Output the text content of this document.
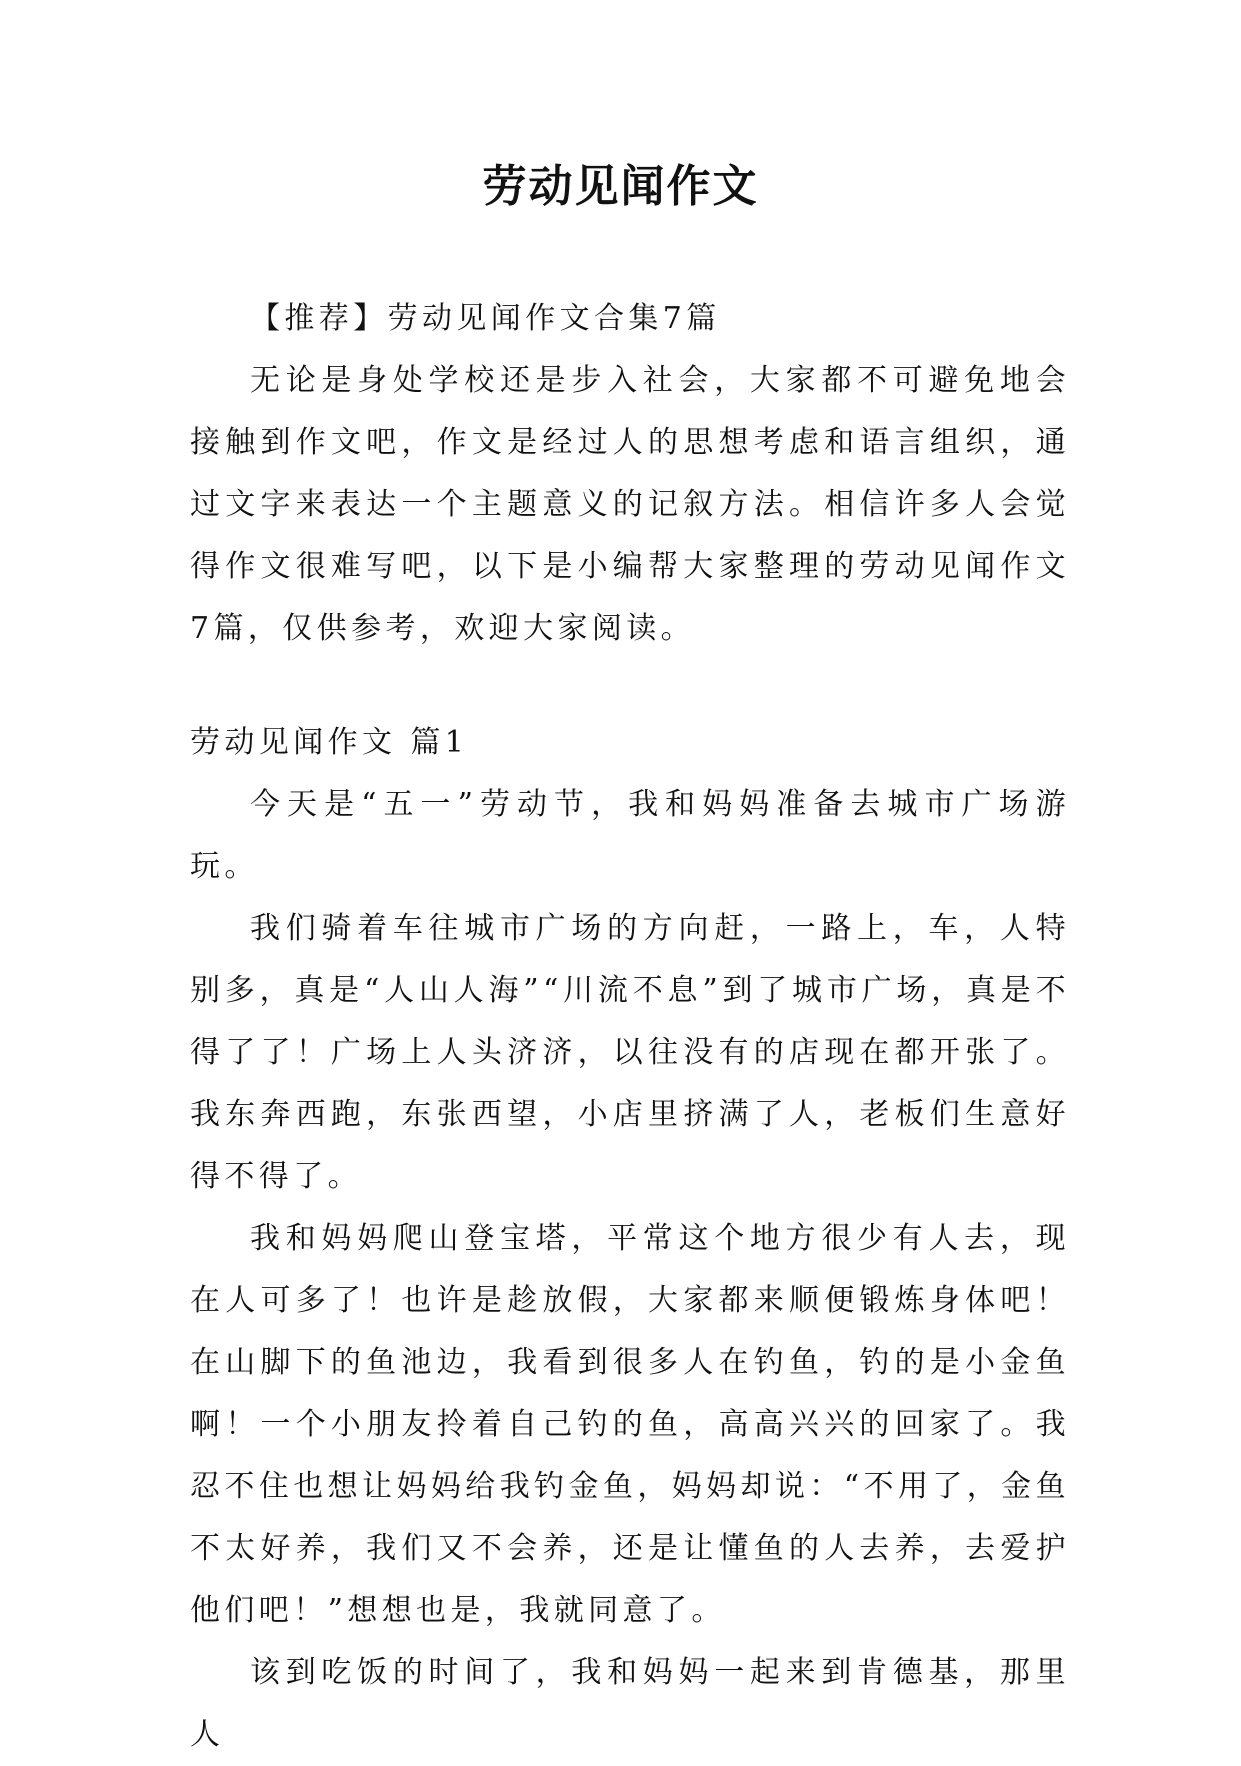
劳动见闻作文

【推荐】劳动见闻作文合集7篇

无论是身处学校还是步入社会，大家都不可避免地会接触到作文吧，作文是经过人的思想考虑和语言组织，通过文字来表达一个主题意义的记叙方法。相信许多人会觉得作文很难写吧，以下是小编帮大家整理的劳动见闻作文7篇，仅供参考，欢迎大家阅读。

劳动见闻作文 篇1

今天是“五一”劳动节，我和妈妈准备去城市广场游玩。

我们骑着车往城市广场的方向赶，一路上，车，人特别多，真是“人山人海”“川流不息”到了城市广场，真是不得了了！广场上人头济济，以往没有的店现在都开张了。我东奔西跑，东张西望，小店里挤满了人，老板们生意好得不得了。

我和妈妈爬山登宝塔，平常这个地方很少有人去，现在人可多了！也许是趁放假，大家都来顺便锻炼身体吧！在山脚下的鱼池边，我看到很多人在钓鱼，钓的是小金鱼啊！一个小朋友拎着自己钓的鱼，高高兴兴的回家了。我忍不住也想让妈妈给我钓金鱼，妈妈却说：“不用了，金鱼不太好养，我们又不会养，还是让懂鱼的人去养，去爱护他们吧！”想想也是，我就同意了。

该到吃饭的时间了，我和妈妈一起来到肯德基，那里人
